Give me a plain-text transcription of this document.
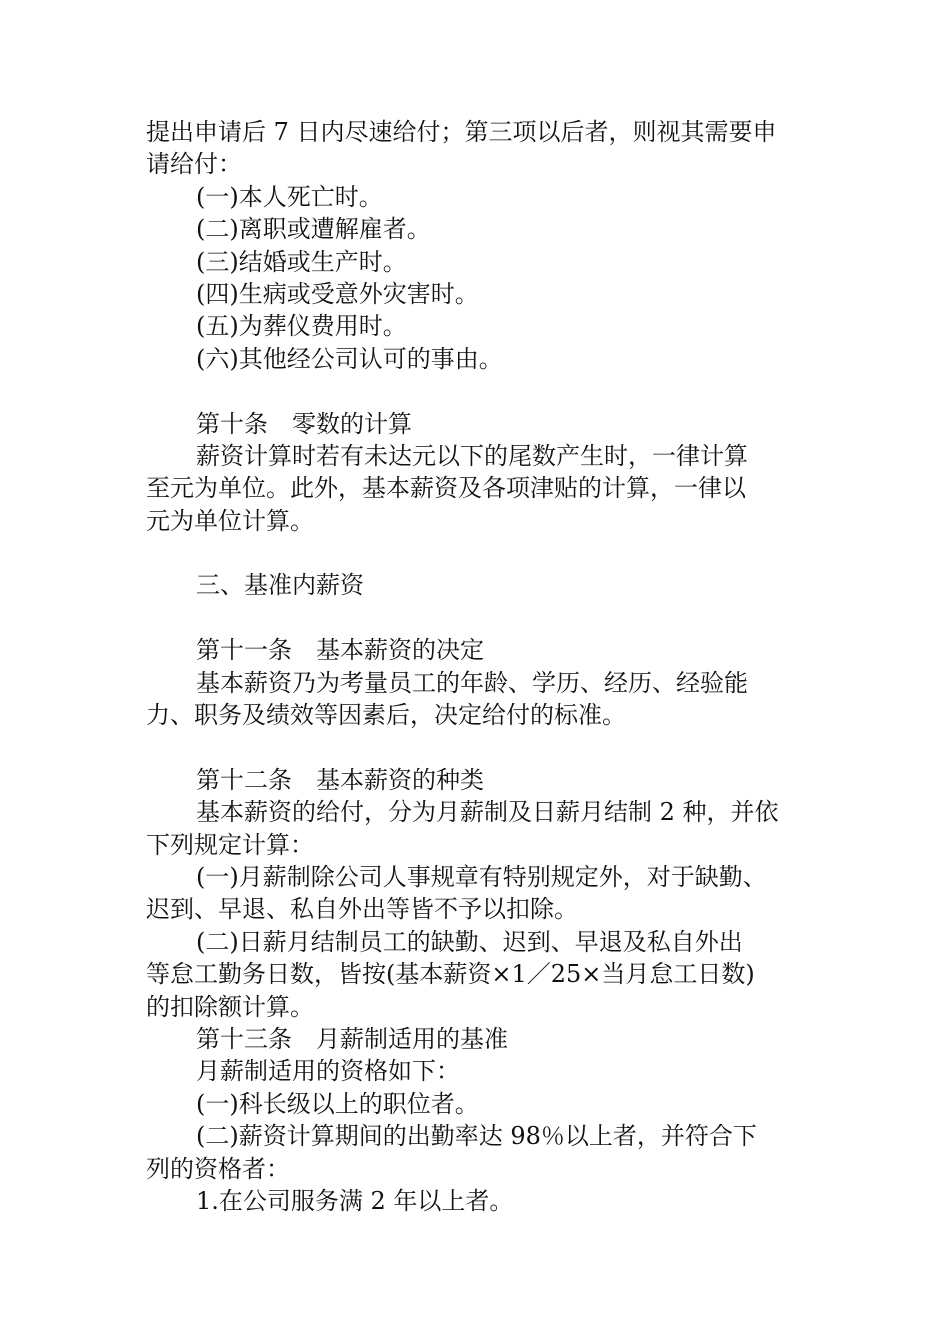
提出申请后 7 日内尽速给付；第三项以后者，则视其需要申
请给付：
(一)本人死亡时。
(二)离职或遭解雇者。
(三)结婚或生产时。
(四)生病或受意外灾害时。
(五)为葬仪费用时。
(六)其他经公司认可的事由。
第十条　零数的计算
薪资计算时若有未达元以下的尾数产生时，一律计算
至元为单位。此外，基本薪资及各项津贴的计算，一律以
元为单位计算。
三、基准内薪资
第十一条　基本薪资的决定
基本薪资乃为考量员工的年龄、学历、经历、经验能
力、职务及绩效等因素后，决定给付的标准。
第十二条　基本薪资的种类
基本薪资的给付，分为月薪制及日薪月结制 2 种，并依
下列规定计算：
(一)月薪制除公司人事规章有特别规定外，对于缺勤、
迟到、早退、私自外出等皆不予以扣除。
(二)日薪月结制员工的缺勤、迟到、早退及私自外出
等怠工勤务日数，皆按(基本薪资×1／25×当月怠工日数)
的扣除额计算。
第十三条　月薪制适用的基准
月薪制适用的资格如下：
(一)科长级以上的职位者。
(二)薪资计算期间的出勤率达 98％以上者，并符合下
列的资格者：
1.在公司服务满 2 年以上者。
